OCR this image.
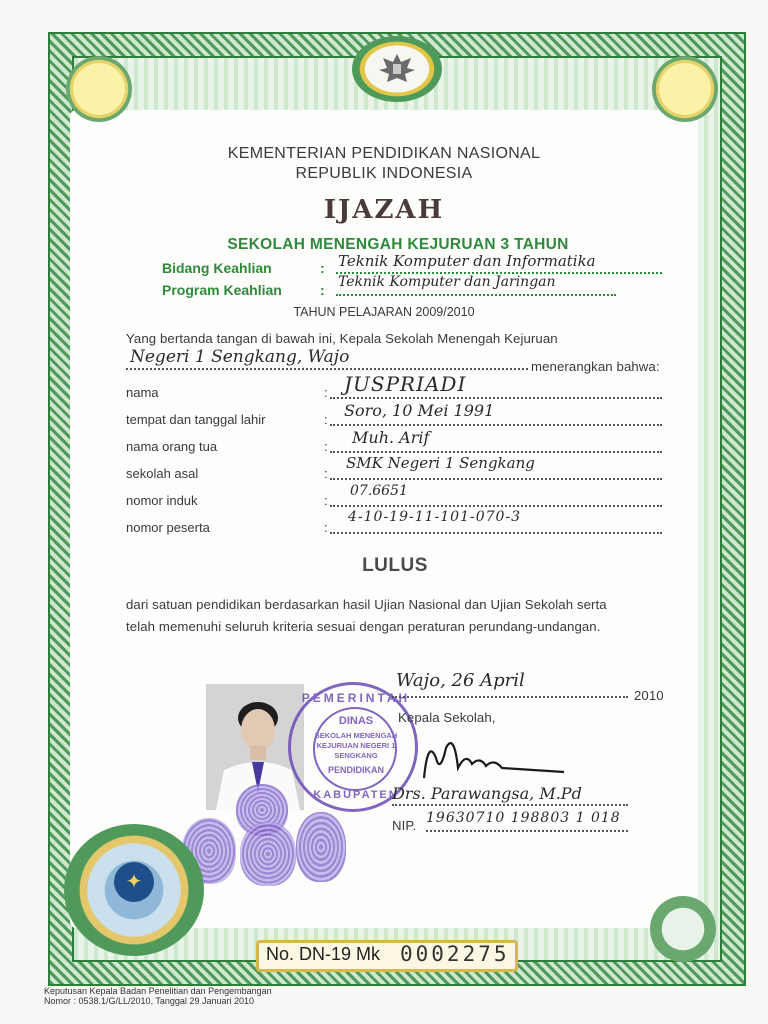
KEMENTERIAN PENDIDIKAN NASIONAL
REPUBLIK INDONESIA
IJAZAH
SEKOLAH MENENGAH KEJURUAN 3 TAHUN
Bidang Keahlian	: Teknik Komputer dan Informatika
Program Keahlian	: Teknik Komputer dan Jaringan
TAHUN PELAJARAN 2009/2010
Yang bertanda tangan di bawah ini, Kepala Sekolah Menengah Kejuruan
Negeri 1 Sengkang, Wajo	menerangkan bahwa:
nama	: JUSPRIADI
tempat dan tanggal lahir	: Soro, 10 Mei 1991
nama orang tua	: Muh. Arif
sekolah asal	:
SMK Negeri 1 Sengkang
nomor induk	:
07.6651
nomor peserta	:
4-10-19-11-101-070-3
LULUS
dari satuan pendidikan berdasarkan hasil Ujian Nasional dan Ujian Sekolah serta
telah memenuhi seluruh kriteria sesuai dengan peraturan perundang-undangan.
PEMERINTAH
DINAS
SEKOLAH MENENGAH
KEJURUAN NEGERI 1
SENGKANG
PENDIDIKAN
KABUPATEN
Wajo, 26 April
2010
Kepala Sekolah,
Drs. Parawangsa, M.Pd
NIP. 19630710 198803 1 018
✦
No. DN-19 Mk 0002275
Keputusan Kepala Badan Penelitian dan Pengembangan
Nomor : 0538.1/G/LL/2010, Tanggal 29 Januari 2010
